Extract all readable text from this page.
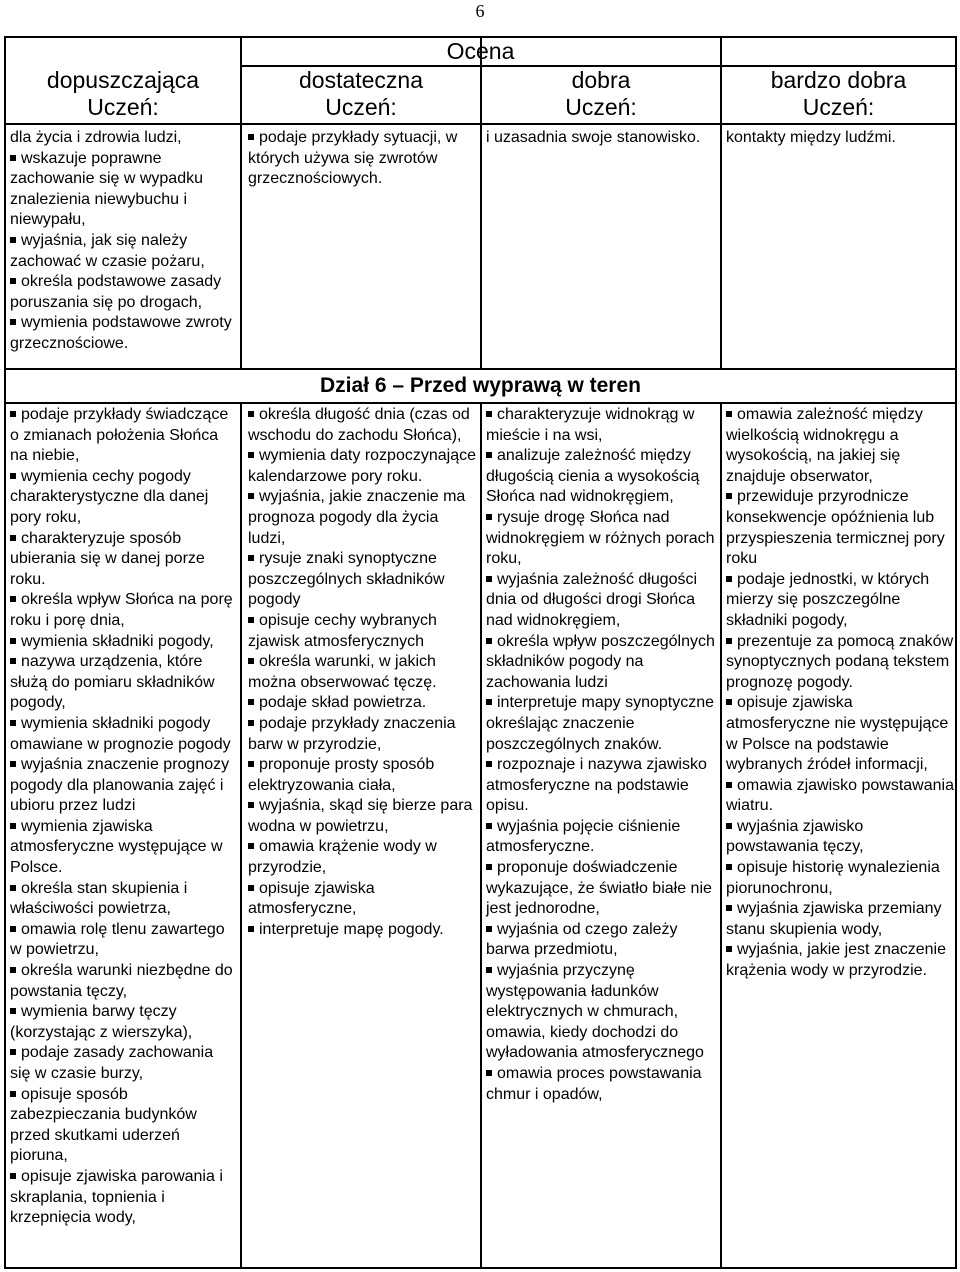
6
Ocena
dopuszczająca
Uczeń:
dostateczna
Uczeń:
dobra
Uczeń:
bardzo dobra
Uczeń:
Dział 6 – Przed wyprawą w teren

dla życia i zdrowia ludzi,

wskazuje poprawne zachowanie się w wypadku znalezienia niewybuchu i niewypału,

wyjaśnia, jak się należy zachować w czasie pożaru,

określa podstawowe zasady poruszania się po drogach,

wymienia podstawowe zwroty grzecznościowe.

podaje przykłady sytuacji, w których używa się zwrotów grzecznościowych.

i uzasadnia swoje stanowisko.	kontakty między ludźmi.

podaje przykłady świadczące o zmianach położenia Słońca na niebie,

wymienia cechy pogody charakterystyczne dla danej pory roku,

charakteryzuje sposób ubierania się w danej porze roku.

określa wpływ Słońca na porę roku i porę dnia,

wymienia składniki pogody,

nazywa urządzenia, które służą do pomiaru składników pogody,

wymienia składniki pogody omawiane w prognozie pogody

wyjaśnia znaczenie prognozy pogody dla planowania zajęć i ubioru przez ludzi

wymienia zjawiska atmosferyczne występujące w Polsce.

określa stan skupienia i właściwości powietrza,

omawia rolę tlenu zawartego w powietrzu,

określa warunki niezbędne do powstania tęczy,

wymienia barwy tęczy (korzystając z wierszyka),

podaje zasady zachowania się w czasie burzy,

opisuje sposób zabezpieczania budynków przed skutkami uderzeń pioruna,

opisuje zjawiska parowania i skraplania, topnienia i krzepnięcia wody,

określa długość dnia (czas od wschodu do zachodu Słońca),

wymienia daty rozpoczynające kalendarzowe pory roku.

wyjaśnia, jakie znaczenie ma prognoza pogody dla życia ludzi,

rysuje znaki synoptyczne poszczególnych składników pogody

opisuje cechy wybranych zjawisk atmosferycznych

określa warunki, w jakich można obserwować tęczę.

podaje skład powietrza.

podaje przykłady znaczenia barw w przyrodzie,

proponuje prosty sposób elektryzowania ciała,

wyjaśnia, skąd się bierze para wodna w powietrzu,

omawia krążenie wody w przyrodzie,

opisuje zjawiska atmosferyczne,

interpretuje mapę pogody.

charakteryzuje widnokrąg w mieście i na wsi,

analizuje zależność między długością cienia a wysokością Słońca nad widnokręgiem,

rysuje drogę Słońca nad widnokręgiem w różnych porach roku,

wyjaśnia zależność długości dnia od długości drogi Słońca nad widnokręgiem,

określa wpływ poszczególnych składników pogody na zachowania ludzi

interpretuje mapy synoptyczne określając znaczenie poszczególnych znaków.

rozpoznaje i nazywa zjawisko atmosferyczne na podstawie opisu.

wyjaśnia pojęcie ciśnienie atmosferyczne.

proponuje doświadczenie wykazujące, że światło białe nie jest jednorodne,

wyjaśnia od czego zależy barwa przedmiotu,

wyjaśnia przyczynę występowania ładunków elektrycznych w chmurach, omawia, kiedy dochodzi do wyładowania atmosferycznego

omawia proces powstawania chmur i opadów,

omawia zależność między wielkością widnokręgu a wysokością, na jakiej się znajduje obserwator,

przewiduje przyrodnicze konsekwencje opóźnienia lub przyspieszenia termicznej pory roku

podaje jednostki, w których mierzy się poszczególne składniki pogody,

prezentuje za pomocą znaków synoptycznych podaną tekstem prognozę pogody.

opisuje zjawiska atmosferyczne nie występujące w Polsce na podstawie wybranych źródeł informacji,

omawia zjawisko powstawania wiatru.

wyjaśnia zjawisko powstawania tęczy,

opisuje historię wynalezienia piorunochronu,

wyjaśnia zjawiska przemiany stanu skupienia wody,

wyjaśnia, jakie jest znaczenie krążenia wody w przyrodzie.
